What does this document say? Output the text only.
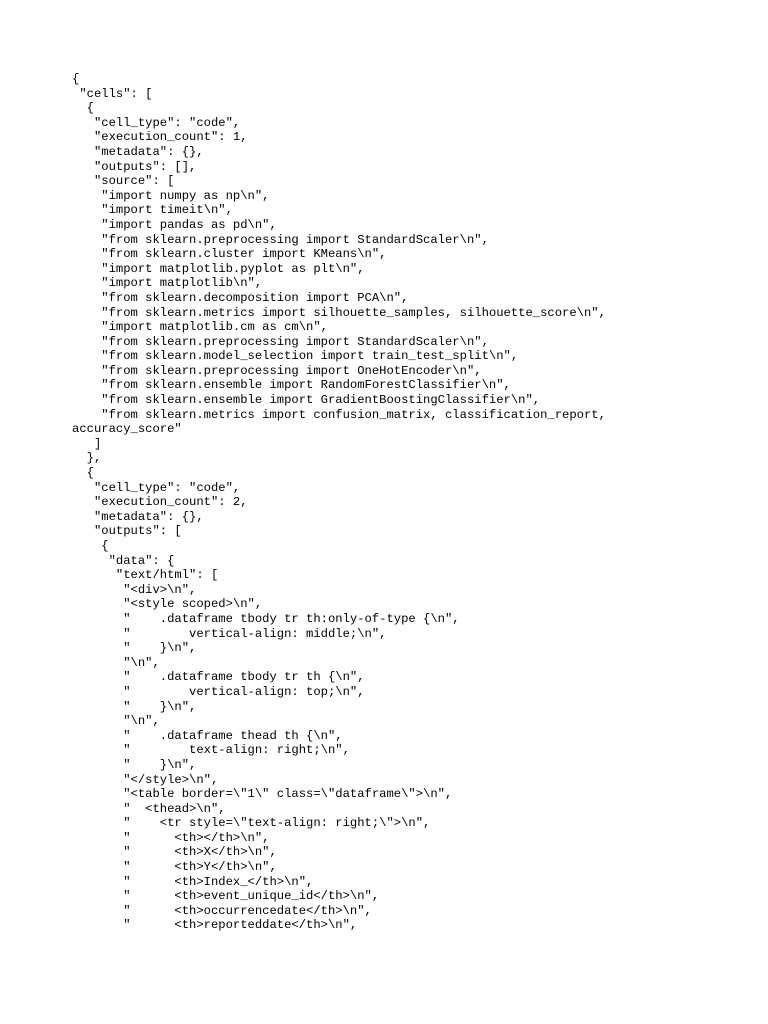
{
"cells": [
{
"cell_type": "code",
"execution_count": 1,
"metadata": {},
"outputs": [],
"source": [
"import numpy as np\n",
"import timeit\n",
"import pandas as pd\n",
"from sklearn.preprocessing import StandardScaler\n",
"from sklearn.cluster import KMeans\n",
"import matplotlib.pyplot as plt\n",
"import matplotlib\n",
"from sklearn.decomposition import PCA\n",
"from sklearn.metrics import silhouette_samples, silhouette_score\n",
"import matplotlib.cm as cm\n",
"from sklearn.preprocessing import StandardScaler\n",
"from sklearn.model_selection import train_test_split\n",
"from sklearn.preprocessing import OneHotEncoder\n",
"from sklearn.ensemble import RandomForestClassifier\n",
"from sklearn.ensemble import GradientBoostingClassifier\n",
"from sklearn.metrics import confusion_matrix, classification_report,
accuracy_score"
]
},
{
"cell_type": "code",
"execution_count": 2,
"metadata": {},
"outputs": [
{
"data": {
"text/html": [
"<div>\n",
"<style scoped>\n",
"    .dataframe tbody tr th:only-of-type {\n",
"        vertical-align: middle;\n",
"    }\n",
"\n",
"    .dataframe tbody tr th {\n",
"        vertical-align: top;\n",
"    }\n",
"\n",
"    .dataframe thead th {\n",
"        text-align: right;\n",
"    }\n",
"</style>\n",
"<table border=\"1\" class=\"dataframe\">\n",
"  <thead>\n",
"    <tr style=\"text-align: right;\">\n",
"      <th></th>\n",
"      <th>X</th>\n",
"      <th>Y</th>\n",
"      <th>Index_</th>\n",
"      <th>event_unique_id</th>\n",
"      <th>occurrencedate</th>\n",
"      <th>reporteddate</th>\n",
